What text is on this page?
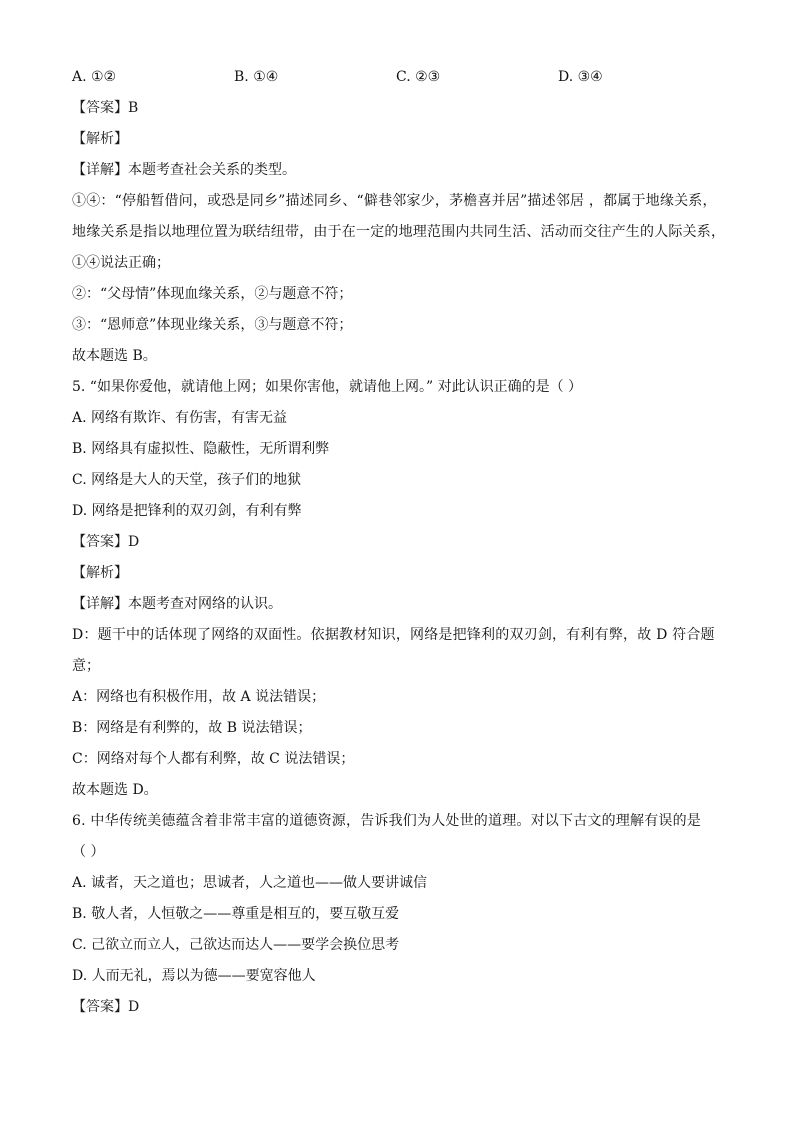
A. ①②	B. ①④	C. ②③	D. ③④
【答案】B
【解析】
【详解】本题考查社会关系的类型。
①④：“停船暂借问，或恐是同乡”描述同乡、“僻巷邻家少，茅檐喜并居”描述邻居 ，都属于地缘关系，
地缘关系是指以地理位置为联结纽带，由于在一定的地理范围内共同生活、活动而交往产生的人际关系，
①④说法正确；
②：“父母情”体现血缘关系，②与题意不符；
③：“恩师意”体现业缘关系，③与题意不符；
故本题选 B。
5. “如果你爱他，就请他上网；如果你害他，就请他上网。” 对此认识正确的是（ ）
A. 网络有欺诈、有伤害，有害无益
B. 网络具有虚拟性、隐蔽性，无所谓利弊
C. 网络是大人的天堂，孩子们的地狱
D. 网络是把锋利的双刃剑，有利有弊
【答案】D
【解析】
【详解】本题考查对网络的认识。
D：题干中的话体现了网络的双面性。依据教材知识，网络是把锋利的双刃剑，有利有弊，故 D 符合题
意；
A：网络也有积极作用，故 A 说法错误；
B：网络是有利弊的，故 B 说法错误；
C：网络对每个人都有利弊，故 C 说法错误；
故本题选 D。
6. 中华传统美德蕴含着非常丰富的道德资源，告诉我们为人处世的道理。对以下古文的理解有误的是
（ ）
A. 诚者，天之道也；思诚者，人之道也——做人要讲诚信
B. 敬人者，人恒敬之——尊重是相互的，要互敬互爱
C. 己欲立而立人，己欲达而达人——要学会换位思考
D. 人而无礼，焉以为德——要宽容他人
【答案】D
